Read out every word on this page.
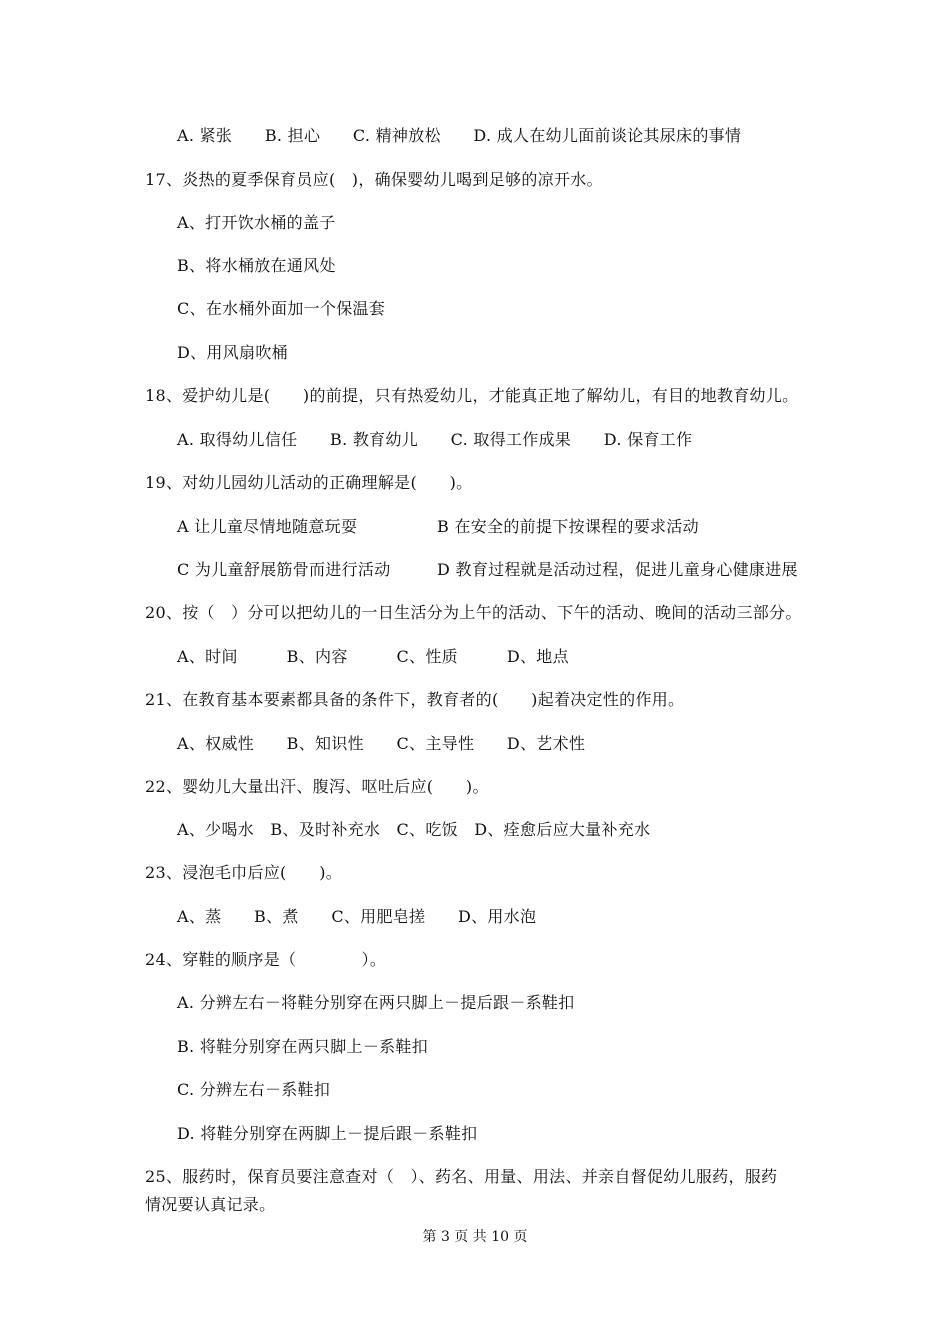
A. 紧张　　B. 担心　　C. 精神放松　　D. 成人在幼儿面前谈论其尿床的事情
17、炎热的夏季保育员应(　)，确保婴幼儿喝到足够的凉开水。
A、打开饮水桶的盖子
B、将水桶放在通风处
C、在水桶外面加一个保温套
D、用风扇吹桶
18、爱护幼儿是(　　)的前提，只有热爱幼儿，才能真正地了解幼儿，有目的地教育幼儿。
A. 取得幼儿信任　　B. 教育幼儿　　C. 取得工作成果　　D. 保育工作
19、对幼儿园幼儿活动的正确理解是(　　)。
A 让儿童尽情地随意玩耍	B 在安全的前提下按课程的要求活动
C 为儿童舒展筋骨而进行活动	D 教育过程就是活动过程，促进儿童身心健康进展
20、按（　）分可以把幼儿的一日生活分为上午的活动、下午的活动、晚间的活动三部分。
A、时间　　　B、内容　　　C、性质　　　D、地点
21、在教育基本要素都具备的条件下，教育者的(　　)起着决定性的作用。
A、权威性　　B、知识性　　C、主导性　　D、艺术性
22、婴幼儿大量出汗、腹泻、呕吐后应(　　)。
A、少喝水　B、及时补充水　C、吃饭　D、痊愈后应大量补充水
23、浸泡毛巾后应(　　)。
A、蒸　　B、煮　　C、用肥皂搓　　D、用水泡
24、穿鞋的顺序是（　　　　）。
A. 分辨左右－将鞋分别穿在两只脚上－提后跟－系鞋扣
B. 将鞋分别穿在两只脚上－系鞋扣
C. 分辨左右－系鞋扣
D. 将鞋分别穿在两脚上－提后跟－系鞋扣
25、服药时，保育员要注意查对（　）、药名、用量、用法、并亲自督促幼儿服药，服药
情况要认真记录。
第 3 页 共 10 页
